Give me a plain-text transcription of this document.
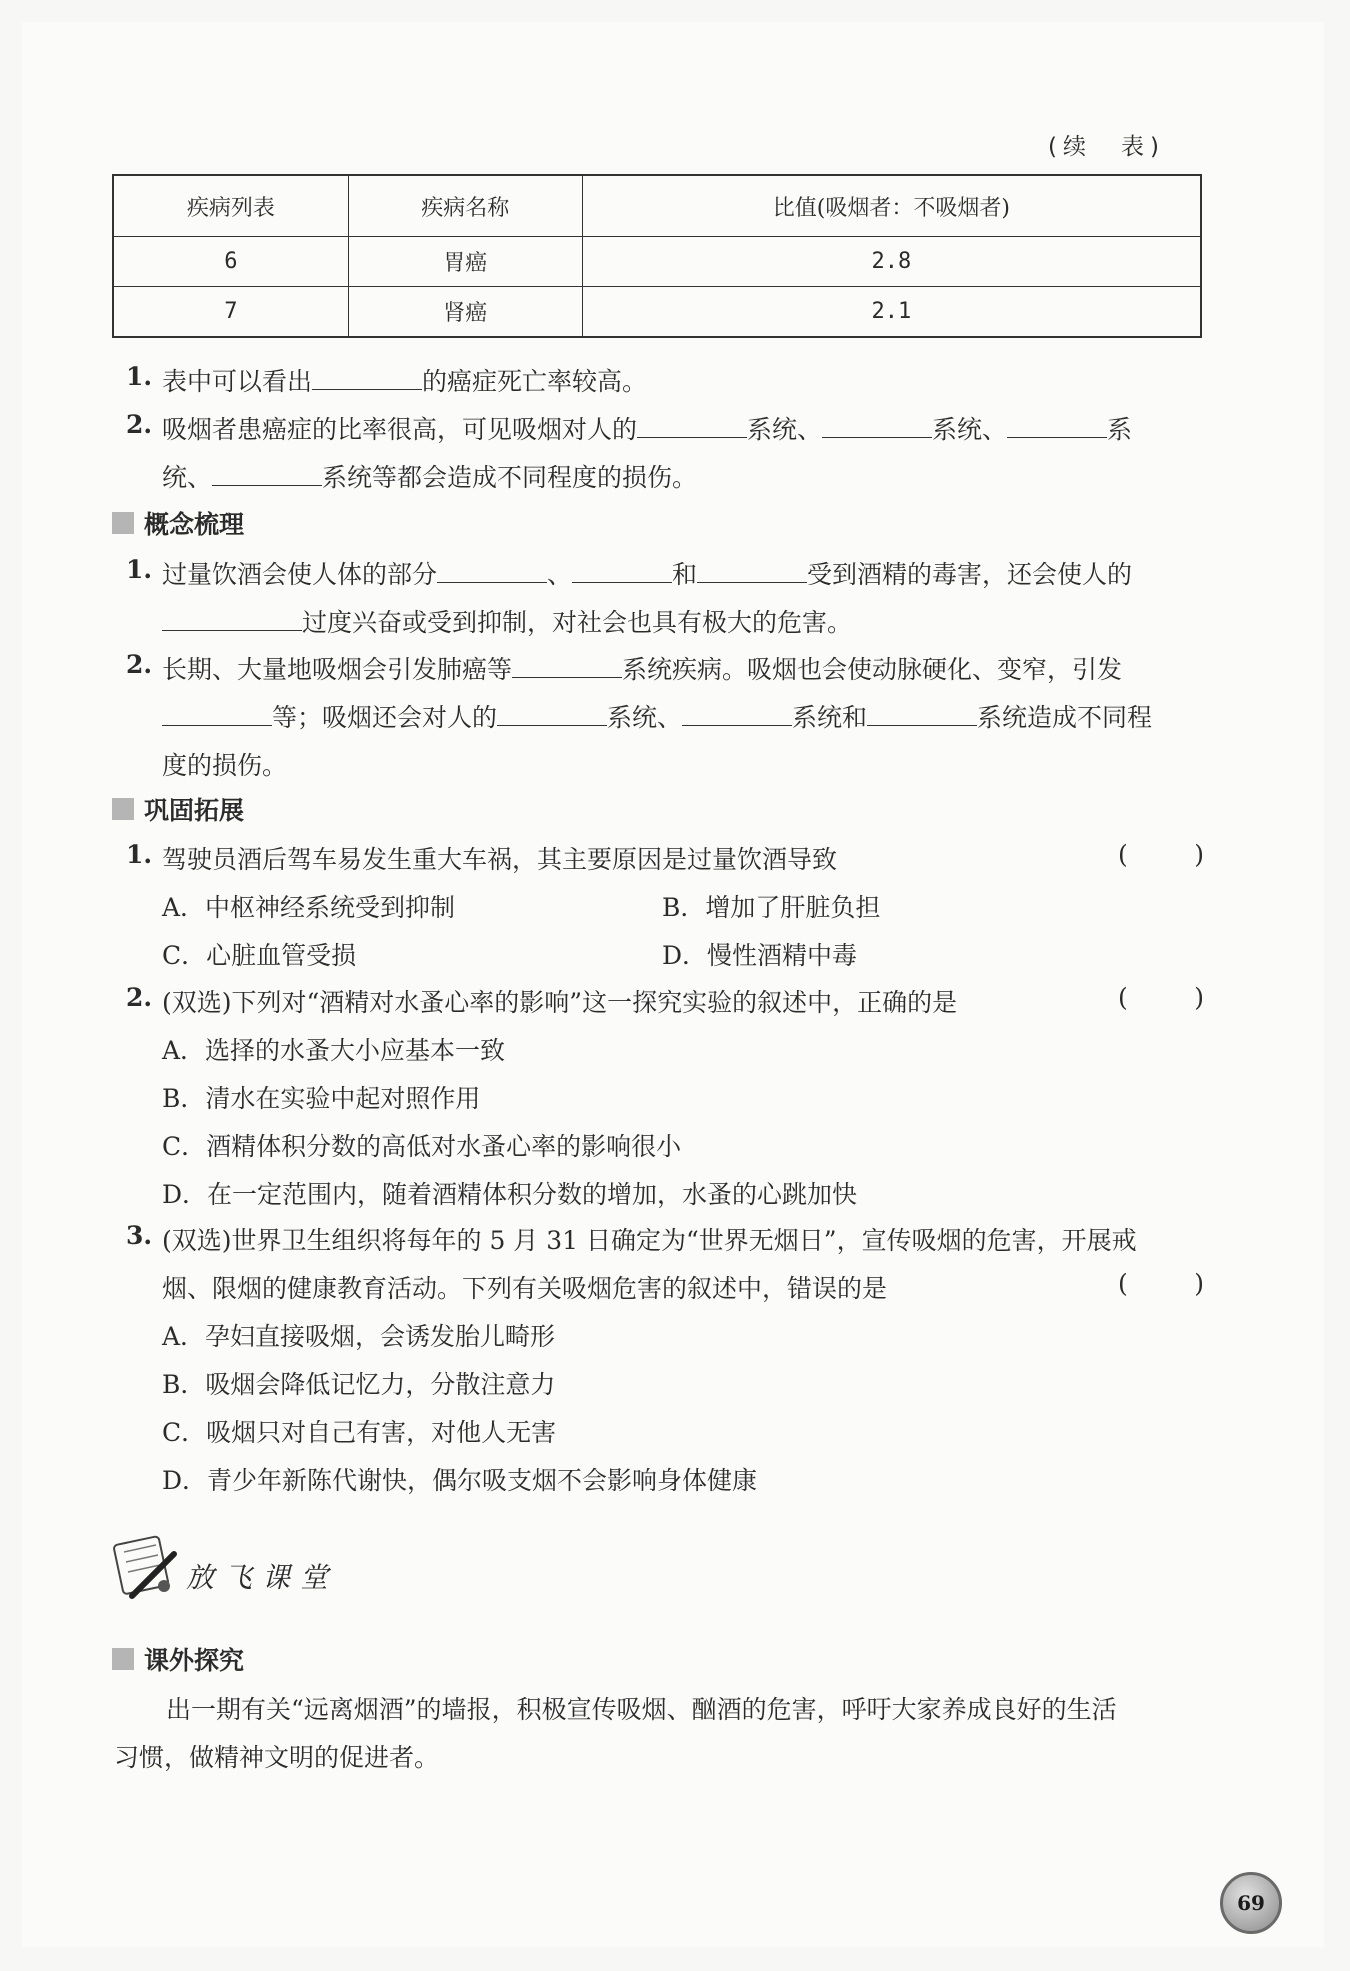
(续　表)
疾病列表	疾病名称	比值(吸烟者：不吸烟者)
6	胃癌	2.8
7	肾癌	2.1
1. 表中可以看出	的癌症死亡率较高。
2. 吸烟者患癌症的比率很高，可见吸烟对人的	系统、	系统、	系
统、	系统等都会造成不同程度的损伤。
概念梳理
1. 过量饮酒会使人体的部分	、	和	受到酒精的毒害，还会使人的
过度兴奋或受到抑制，对社会也具有极大的危害。
2. 长期、大量地吸烟会引发肺癌等	系统疾病。吸烟也会使动脉硬化、变窄，引发
等；吸烟还会对人的	系统、	系统和	系统造成不同程
度的损伤。
巩固拓展
1. 驾驶员酒后驾车易发生重大车祸，其主要原因是过量饮酒导致	(	)
A．中枢神经系统受到抑制	B．增加了肝脏负担
C．心脏血管受损	D．慢性酒精中毒
2. (双选)下列对“酒精对水蚤心率的影响”这一探究实验的叙述中，正确的是	(	)
A．选择的水蚤大小应基本一致
B．清水在实验中起对照作用
C．酒精体积分数的高低对水蚤心率的影响很小
D．在一定范围内，随着酒精体积分数的增加，水蚤的心跳加快
3. (双选)世界卫生组织将每年的 5 月 31 日确定为“世界无烟日”，宣传吸烟的危害，开展戒
烟、限烟的健康教育活动。下列有关吸烟危害的叙述中，错误的是	(	)
A．孕妇直接吸烟，会诱发胎儿畸形
B．吸烟会降低记忆力，分散注意力
C．吸烟只对自己有害，对他人无害
D．青少年新陈代谢快，偶尔吸支烟不会影响身体健康
放飞课堂
课外探究
出一期有关“远离烟酒”的墙报，积极宣传吸烟、酗酒的危害，呼吁大家养成良好的生活
习惯，做精神文明的促进者。
69
